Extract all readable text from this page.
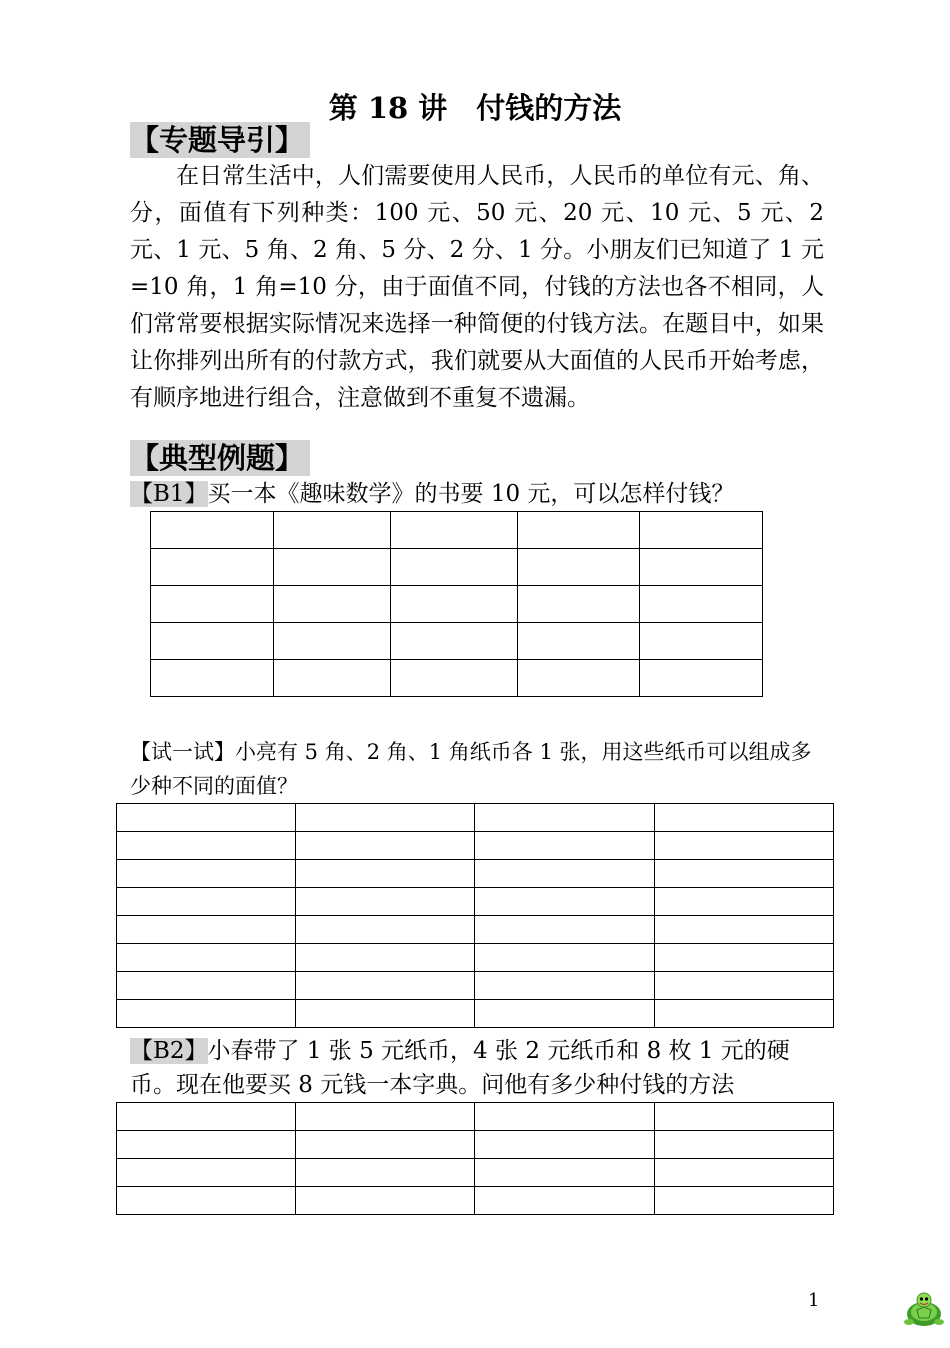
第 18 讲　付钱的方法
【专题导引】
在日常生活中，人们需要使用人民币，人民币的单位有元、角、分，面值有下列种类：100 元、50 元、20 元、10 元、5 元、2 元、1 元、5 角、2 角、5 分、2 分、1 分。小朋友们已知道了 1 元=10 角，1 角=10 分，由于面值不同，付钱的方法也各不相同，人们常常要根据实际情况来选择一种简便的付钱方法。在题目中，如果让你排列出所有的付款方式，我们就要从大面值的人民币开始考虑，有顺序地进行组合，注意做到不重复不遗漏。
【典型例题】
【B1】买一本《趣味数学》的书要 10 元，可以怎样付钱？

【试一试】小亮有 5 角、2 角、1 角纸币各 1 张，用这些纸币可以组成多少种不同的面值？

【B2】小春带了 1 张 5 元纸币，4 张 2 元纸币和 8 枚 1 元的硬币。现在他要买 8 元钱一本字典。问他有多少种付钱的方法

1
